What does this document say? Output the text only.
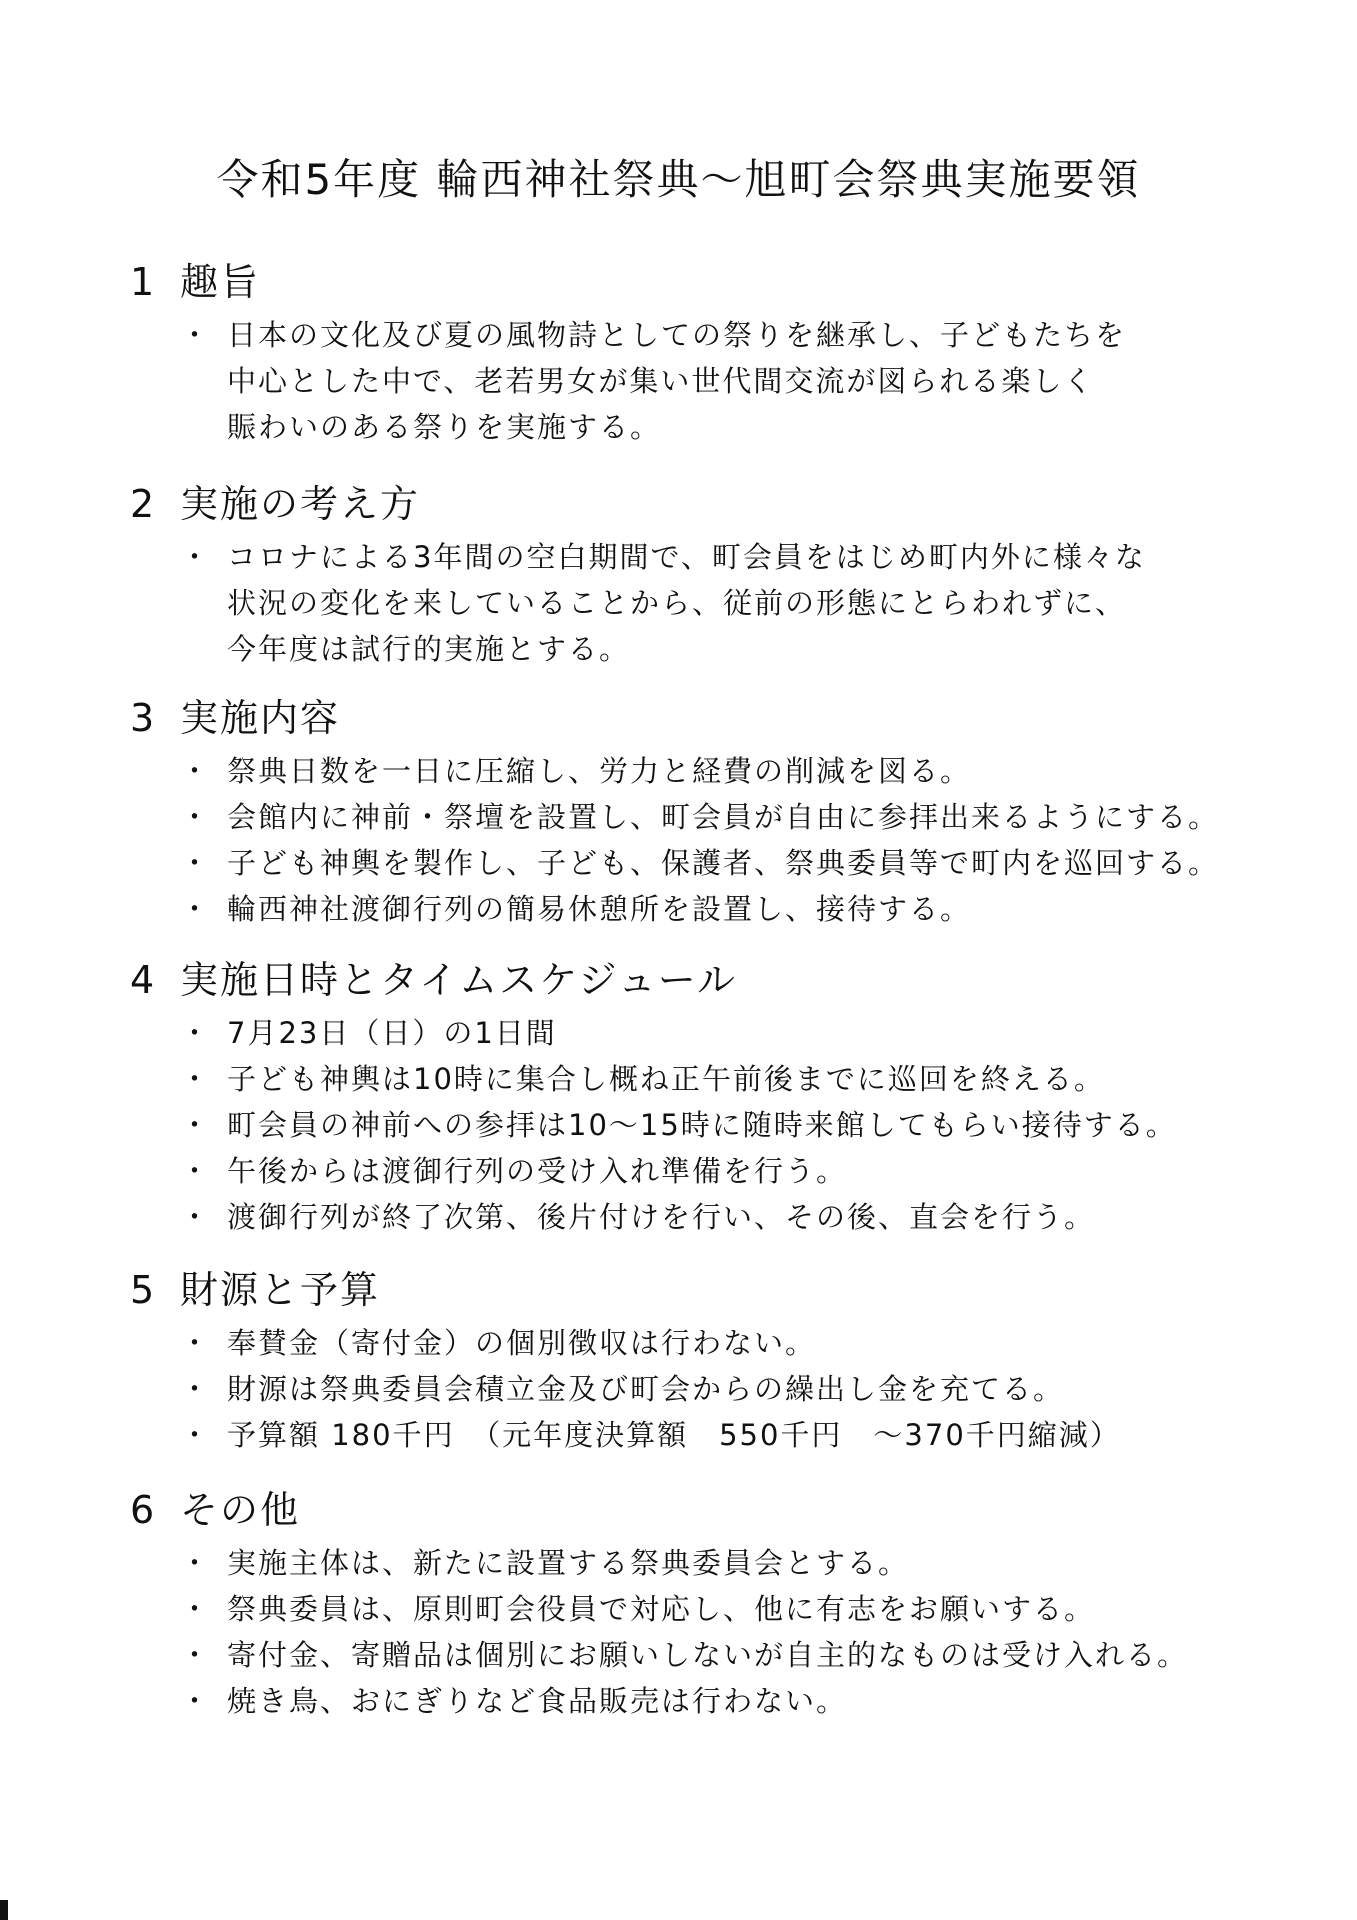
令和5年度 輪西神社祭典～旭町会祭典実施要領
1 趣旨
・ 日本の文化及び夏の風物詩としての祭りを継承し、子どもたちを
中心とした中で、老若男女が集い世代間交流が図られる楽しく
賑わいのある祭りを実施する。
2 実施の考え方
・ コロナによる3年間の空白期間で、町会員をはじめ町内外に様々な
状況の変化を来していることから、従前の形態にとらわれずに、
今年度は試行的実施とする。
3 実施内容
・ 祭典日数を一日に圧縮し、労力と経費の削減を図る。
・ 会館内に神前・祭壇を設置し、町会員が自由に参拝出来るようにする。
・ 子ども神輿を製作し、子ども、保護者、祭典委員等で町内を巡回する。
・ 輪西神社渡御行列の簡易休憩所を設置し、接待する。
4 実施日時とタイムスケジュール
・ 7月23日（日）の1日間
・ 子ども神輿は10時に集合し概ね正午前後までに巡回を終える。
・ 町会員の神前への参拝は10～15時に随時来館してもらい接待する。
・ 午後からは渡御行列の受け入れ準備を行う。
・ 渡御行列が終了次第、後片付けを行い、その後、直会を行う。
5 財源と予算
・ 奉賛金（寄付金）の個別徴収は行わない。
・ 財源は祭典委員会積立金及び町会からの繰出し金を充てる。
・ 予算額 180千円　（元年度決算額　550千円　～370千円縮減）
6 その他
・ 実施主体は、新たに設置する祭典委員会とする。
・ 祭典委員は、原則町会役員で対応し、他に有志をお願いする。
・ 寄付金、寄贈品は個別にお願いしないが自主的なものは受け入れる。
・ 焼き鳥、おにぎりなど食品販売は行わない。
